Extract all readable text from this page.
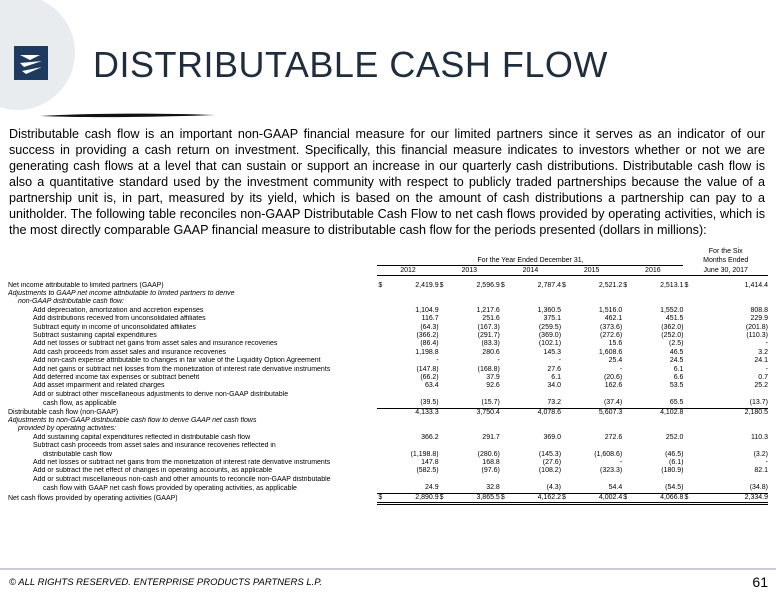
DISTRIBUTABLE CASH FLOW

Distributable cash flow is an important non-GAAP financial measure for our limited partners since it serves as an indicator of our success in providing a cash return on investment. Specifically, this financial measure indicates to investors whether or not we are generating cash flows at a level that can sustain or support an increase in our quarterly cash distributions. Distributable cash flow is also a quantitative standard used by the investment community with respect to publicly traded partnerships because the value of a partnership unit is, in part, measured by its yield, which is based on the amount of cash distributions a partnership can pay to a unitholder. The following table reconciles non-GAAP Distributable Cash Flow to net cash flows provided by operating activities, which is the most directly comparable GAAP financial measure to distributable cash flow for the periods presented (dollars in millions):

											For the Six	
	For the Year Ended December 31,										Months Ended	
	2012		2013		2014		2015		2016		June 30, 2017	

Net income attributable to limited partners (GAAP)	$	2,419.9	$	2,596.9	$	2,787.4	$	2,521.2	$	2,513.1	$	1,414.4
Adjustments to GAAP net income attributable to limited partners to derive												
non-GAAP distributable cash flow:												
Add depreciation, amortization and accretion expenses		1,104.9		1,217.6		1,360.5		1,516.0		1,552.0		808.8
Add distributions received from unconsolidated affiliates		116.7		251.6		375.1		462.1		451.5		229.9
Subtract equity in income of unconsolidated affiliates		(64.3)		(167.3)		(259.5)		(373.6)		(362.0)		(201.8)
Subtract sustaining capital expenditures		(366.2)		(291.7)		(369.0)		(272.6)		(252.0)		(110.3)
Add net losses or subtract net gains from asset sales and insurance recoveries		(86.4)		(83.3)		(102.1)		15.6		(2.5)		-
Add cash proceeds from asset sales and insurance recoveries		1,198.8		280.6		145.3		1,608.6		46.5		3.2
Add non-cash expense attributable to changes in fair value of the Liquidity Option Agreement		-		-		-		25.4		24.5		24.1
Add net gains or subtract net losses from the monetization of interest rate derivative instruments		(147.8)		(168.8)		27.6		-		6.1		-
Add deferred income tax expenses or subtract benefit		(66.2)		37.9		6.1		(20.6)		6.6		0.7
Add asset impairment and related charges		63.4		92.6		34.0		162.6		53.5		25.2
Add or subtract other miscellaneous adjustments to derive non-GAAP distributable												
cash flow, as applicable		(39.5)		(15.7)		73.2		(37.4)		65.5		(13.7)
Distributable cash flow (non-GAAP)		4,133.3		3,750.4		4,078.6		5,607.3		4,102.8		2,180.5
Adjustments to non-GAAP distributable cash flow to derive GAAP net cash flows												
provided by operating activities:												
Add sustaining capital expenditures reflected in distributable cash flow		366.2		291.7		369.0		272.6		252.0		110.3
Subtract cash proceeds from asset sales and insurance recoveries reflected in												
distributable cash flow		(1,198.8)		(280.6)		(145.3)		(1,608.6)		(46.5)		(3.2)
Add net losses or subtract net gains from the monetization of interest rate derivative instruments		147.8		168.8		(27.6)		-		(6.1)		-
Add or subtract the net effect of changes in operating accounts, as applicable		(582.5)		(97.6)		(108.2)		(323.3)		(180.9)		82.1
Add or subtract miscellaneous non-cash and other amounts to reconcile non-GAAP distributable												
cash flow with GAAP net cash flows provided by operating activities, as applicable		24.9		32.8		(4.3)		54.4		(54.5)		(34.8)
Net cash flows provided by operating activities (GAAP)	$	2,890.9	$	3,865.5	$	4,162.2	$	4,002.4	$	4,066.8	$	2,334.9
© ALL RIGHTS RESERVED. ENTERPRISE PRODUCTS PARTNERS L.P.	61
